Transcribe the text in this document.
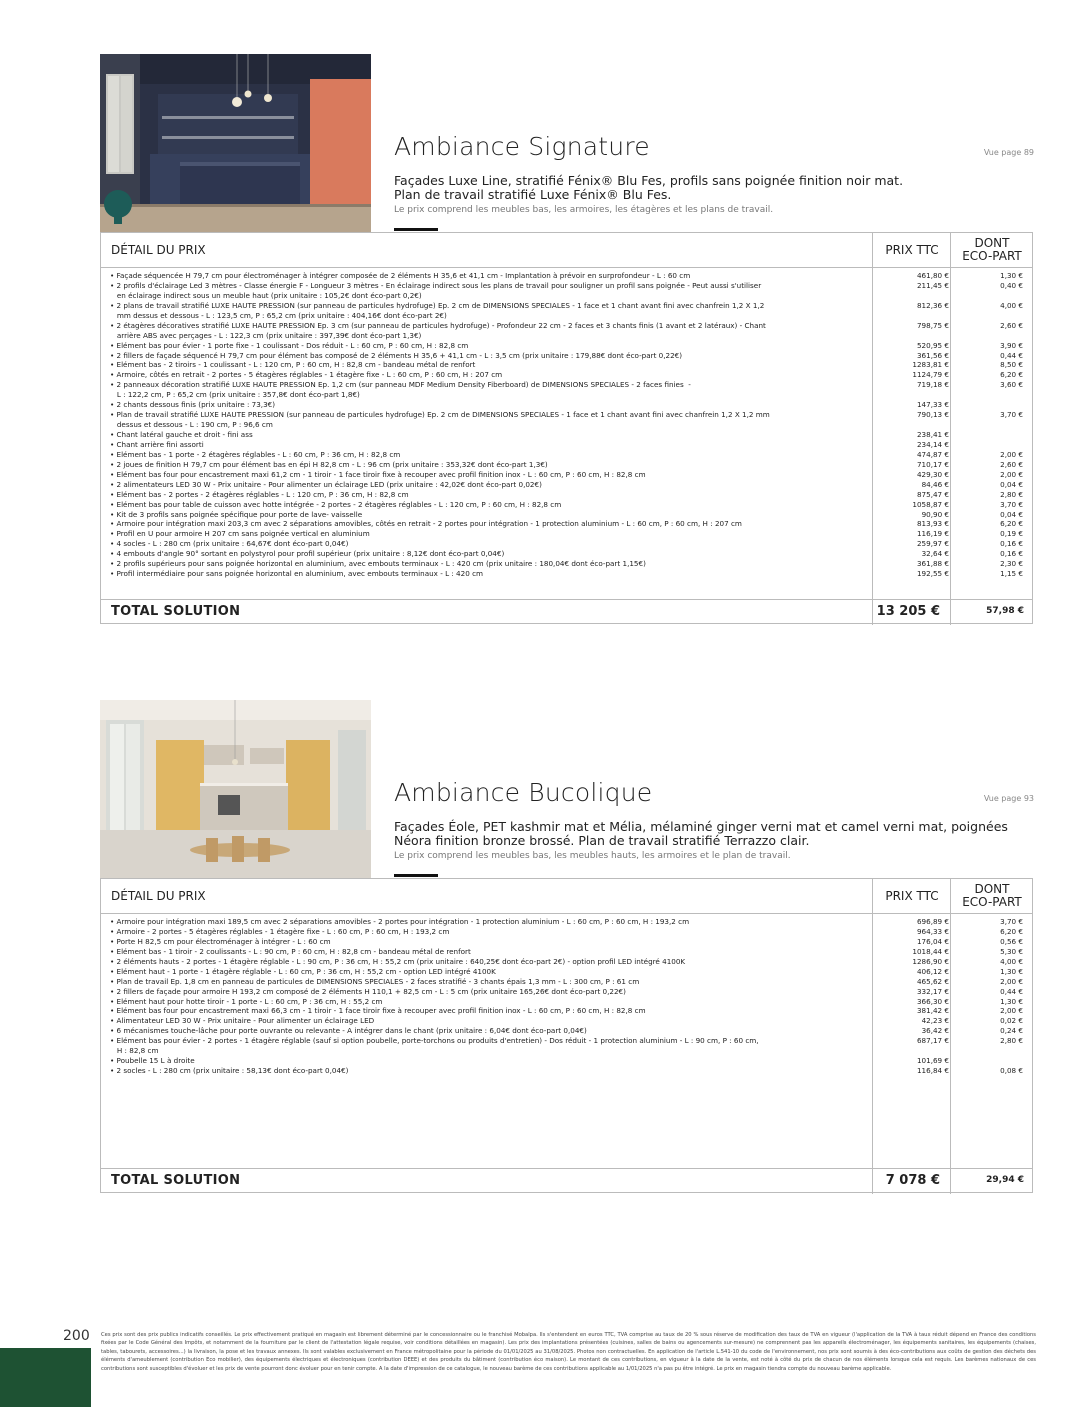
Ambiance Signature	Vue page 89
Façades Luxe Line, stratifié Fénix® Blu Fes, profils sans poignée finition noir mat.
Plan de travail stratifié Luxe Fénix® Blu Fes.
Le prix comprend les meubles bas, les armoires, les étagères et les plans de travail.
DÉTAIL DU PRIX	PRIX TTC	DONT
ECO-PART
• Façade séquencée H 79,7 cm pour électroménager à intégrer composée de 2 éléments H 35,6 et 41,1 cm - Implantation à prévoir en surprofondeur - L : 60 cm	461,80 €	1,30 €
• 2 profils d'éclairage Led 3 mètres - Classe énergie F - Longueur 3 mètres - En éclairage indirect sous les plans de travail pour souligner un profil sans poignée - Peut aussi s'utiliser	211,45 €	0,40 €
en éclairage indirect sous un meuble haut (prix unitaire : 105,2€ dont éco-part 0,2€)
• 2 plans de travail stratifié LUXE HAUTE PRESSION (sur panneau de particules hydrofuge) Ep. 2 cm de DIMENSIONS SPECIALES - 1 face et 1 chant avant fini avec chanfrein 1,2 X 1,2	812,36 €	4,00 €
mm dessus et dessous - L : 123,5 cm, P : 65,2 cm (prix unitaire : 404,16€ dont éco-part 2€)
• 2 étagères décoratives stratifié LUXE HAUTE PRESSION Ep. 3 cm (sur panneau de particules hydrofuge) - Profondeur 22 cm - 2 faces et 3 chants finis (1 avant et 2 latéraux) - Chant	798,75 €	2,60 €
arrière ABS avec perçages - L : 122,3 cm (prix unitaire : 397,39€ dont éco-part 1,3€)
• Elément bas pour évier - 1 porte fixe - 1 coulissant - Dos réduit - L : 60 cm, P : 60 cm, H : 82,8 cm	520,95 €	3,90 €
• 2 fillers de façade séquencé H 79,7 cm pour élément bas composé de 2 éléments H 35,6 + 41,1 cm - L : 3,5 cm (prix unitaire : 179,88€ dont éco-part 0,22€)	361,56 €	0,44 €
• Elément bas - 2 tiroirs - 1 coulissant - L : 120 cm, P : 60 cm, H : 82,8 cm - bandeau métal de renfort	1283,81 €	8,50 €
• Armoire, côtés en retrait - 2 portes - 5 étagères réglables - 1 étagère fixe - L : 60 cm, P : 60 cm, H : 207 cm	1124,79 €	6,20 €
• 2 panneaux décoration stratifié LUXE HAUTE PRESSION Ep. 1,2 cm (sur panneau MDF Medium Density Fiberboard) de DIMENSIONS SPECIALES - 2 faces finies  -	719,18 €	3,60 €
L : 122,2 cm, P : 65,2 cm (prix unitaire : 357,8€ dont éco-part 1,8€)
• 2 chants dessous finis (prix unitaire : 73,3€)	147,33 €
• Plan de travail stratifié LUXE HAUTE PRESSION (sur panneau de particules hydrofuge) Ep. 2 cm de DIMENSIONS SPECIALES - 1 face et 1 chant avant fini avec chanfrein 1,2 X 1,2 mm	790,13 €	3,70 €
dessus et dessous - L : 190 cm, P : 96,6 cm
• Chant latéral gauche et droit - fini ass	238,41 €
• Chant arrière fini assorti	234,14 €
• Elément bas - 1 porte - 2 étagères réglables - L : 60 cm, P : 36 cm, H : 82,8 cm	474,87 €	2,00 €
• 2 joues de finition H 79,7 cm pour élément bas en épi H 82,8 cm - L : 96 cm (prix unitaire : 353,32€ dont éco-part 1,3€)	710,17 €	2,60 €
• Elément bas four pour encastrement maxi 61,2 cm - 1 tiroir - 1 face tiroir fixe à recouper avec profil finition inox - L : 60 cm, P : 60 cm, H : 82,8 cm	429,30 €	2,00 €
• 2 alimentateurs LED 30 W - Prix unitaire - Pour alimenter un éclairage LED (prix unitaire : 42,02€ dont éco-part 0,02€)	84,46 €	0,04 €
• Elément bas - 2 portes - 2 étagères réglables - L : 120 cm, P : 36 cm, H : 82,8 cm	875,47 €	2,80 €
• Elément bas pour table de cuisson avec hotte intégrée - 2 portes - 2 étagères réglables - L : 120 cm, P : 60 cm, H : 82,8 cm	1058,87 €	3,70 €
• Kit de 3 profils sans poignée spécifique pour porte de lave- vaisselle	90,90 €	0,04 €
• Armoire pour intégration maxi 203,3 cm avec 2 séparations amovibles, côtés en retrait - 2 portes pour intégration - 1 protection aluminium - L : 60 cm, P : 60 cm, H : 207 cm	813,93 €	6,20 €
• Profil en U pour armoire H 207 cm sans poignée vertical en aluminium	116,19 €	0,19 €
• 4 socles - L : 280 cm (prix unitaire : 64,67€ dont éco-part 0,04€)	259,97 €	0,16 €
• 4 embouts d'angle 90° sortant en polystyrol pour profil supérieur (prix unitaire : 8,12€ dont éco-part 0,04€)	32,64 €	0,16 €
• 2 profils supérieurs pour sans poignée horizontal en aluminium, avec embouts terminaux - L : 420 cm (prix unitaire : 180,04€ dont éco-part 1,15€)	361,88 €	2,30 €
• Profil intermédiaire pour sans poignée horizontal en aluminium, avec embouts terminaux - L : 420 cm	192,55 €	1,15 €
TOTAL SOLUTION	13 205 €	57,98 €
Ambiance Bucolique	Vue page 93
Façades Éole, PET kashmir mat et Mélia, mélaminé ginger verni mat et camel verni mat, poignées
Néora finition bronze brossé. Plan de travail stratifié Terrazzo clair.
Le prix comprend les meubles bas, les meubles hauts, les armoires et le plan de travail.
DÉTAIL DU PRIX	PRIX TTC	DONT
ECO-PART
• Armoire pour intégration maxi 189,5 cm avec 2 séparations amovibles - 2 portes pour intégration - 1 protection aluminium - L : 60 cm, P : 60 cm, H : 193,2 cm	696,89 €	3,70 €
• Armoire - 2 portes - 5 étagères réglables - 1 étagère fixe - L : 60 cm, P : 60 cm, H : 193,2 cm	964,33 €	6,20 €
• Porte H 82,5 cm pour électroménager à intégrer - L : 60 cm	176,04 €	0,56 €
• Elément bas - 1 tiroir - 2 coulissants - L : 90 cm, P : 60 cm, H : 82,8 cm - bandeau métal de renfort	1018,44 €	5,30 €
• 2 éléments hauts - 2 portes - 1 étagère réglable - L : 90 cm, P : 36 cm, H : 55,2 cm (prix unitaire : 640,25€ dont éco-part 2€) - option profil LED intégré 4100K	1286,90 €	4,00 €
• Elément haut - 1 porte - 1 étagère réglable - L : 60 cm, P : 36 cm, H : 55,2 cm - option LED intégré 4100K	406,12 €	1,30 €
• Plan de travail Ep. 1,8 cm en panneau de particules de DIMENSIONS SPECIALES - 2 faces stratifié - 3 chants épais 1,3 mm - L : 300 cm, P : 61 cm	465,62 €	2,00 €
• 2 fillers de façade pour armoire H 193,2 cm composé de 2 éléments H 110,1 + 82,5 cm - L : 5 cm (prix unitaire 165,26€ dont éco-part 0,22€)	332,17 €	0,44 €
• Elément haut pour hotte tiroir - 1 porte - L : 60 cm, P : 36 cm, H : 55,2 cm	366,30 €	1,30 €
• Elément bas four pour encastrement maxi 66,3 cm - 1 tiroir - 1 face tiroir fixe à recouper avec profil finition inox - L : 60 cm, P : 60 cm, H : 82,8 cm	381,42 €	2,00 €
• Alimentateur LED 30 W - Prix unitaire - Pour alimenter un éclairage LED	42,23 €	0,02 €
• 6 mécanismes touche-lâche pour porte ouvrante ou relevante - A intégrer dans le chant (prix unitaire : 6,04€ dont éco-part 0,04€)	36,42 €	0,24 €
• Elément bas pour évier - 2 portes - 1 étagère réglable (sauf si option poubelle, porte-torchons ou produits d'entretien) - Dos réduit - 1 protection aluminium - L : 90 cm, P : 60 cm,	687,17 €	2,80 €
H : 82,8 cm
• Poubelle 15 L à droite	101,69 €
• 2 socles - L : 280 cm (prix unitaire : 58,13€ dont éco-part 0,04€)	116,84 €	0,08 €
TOTAL SOLUTION	7 078 €	29,94 €
200 Ces prix sont des prix publics indicatifs conseillés. Le prix effectivement pratiqué en magasin est librement déterminé par le concessionnaire ou le franchisé Mobalpa. Ils s'entendent en euros TTC, TVA comprise au taux de 20 % sous réserve de modification des taux de TVA en vigueur (l'application de la TVA à taux réduit dépend en France des conditions fixées par le Code Général des Impôts, et notamment de la fourniture par le client de l'attestation légale requise, voir conditions détaillées en magasin). Les prix des implantations présentées (cuisines, salles de bains ou agencements sur-mesure) ne comprennent pas les appareils électroménager, les équipements sanitaires, les équipements (chaises, tables, tabourets, accessoires...) la livraison, la pose et les travaux annexes. Ils sont valables exclusivement en France métropolitaine pour la période du 01/01/2025 au 31/08/2025. Photos non contractuelles. En application de l'article L.541-10 du code de l'environnement, nos prix sont soumis à des éco-contributions aux coûts de gestion des déchets des éléments d'ameublement (contribution Eco mobilier), des équipements électriques et électroniques (contribution DEEE) et des produits du bâtiment (contribution éco maison). Le montant de ces contributions, en vigueur à la date de la vente, est noté à côté du prix de chacun de nos éléments lorsque cela est requis. Les barèmes nationaux de ces contributions sont susceptibles d'évoluer et les prix de vente pourront donc évoluer pour en tenir compte. A la date d'impression de ce catalogue, le nouveau barème de ces contributions applicable au 1/01/2025 n'a pas pu être intégré. Le prix en magasin tiendra compte du nouveau barème applicable.
